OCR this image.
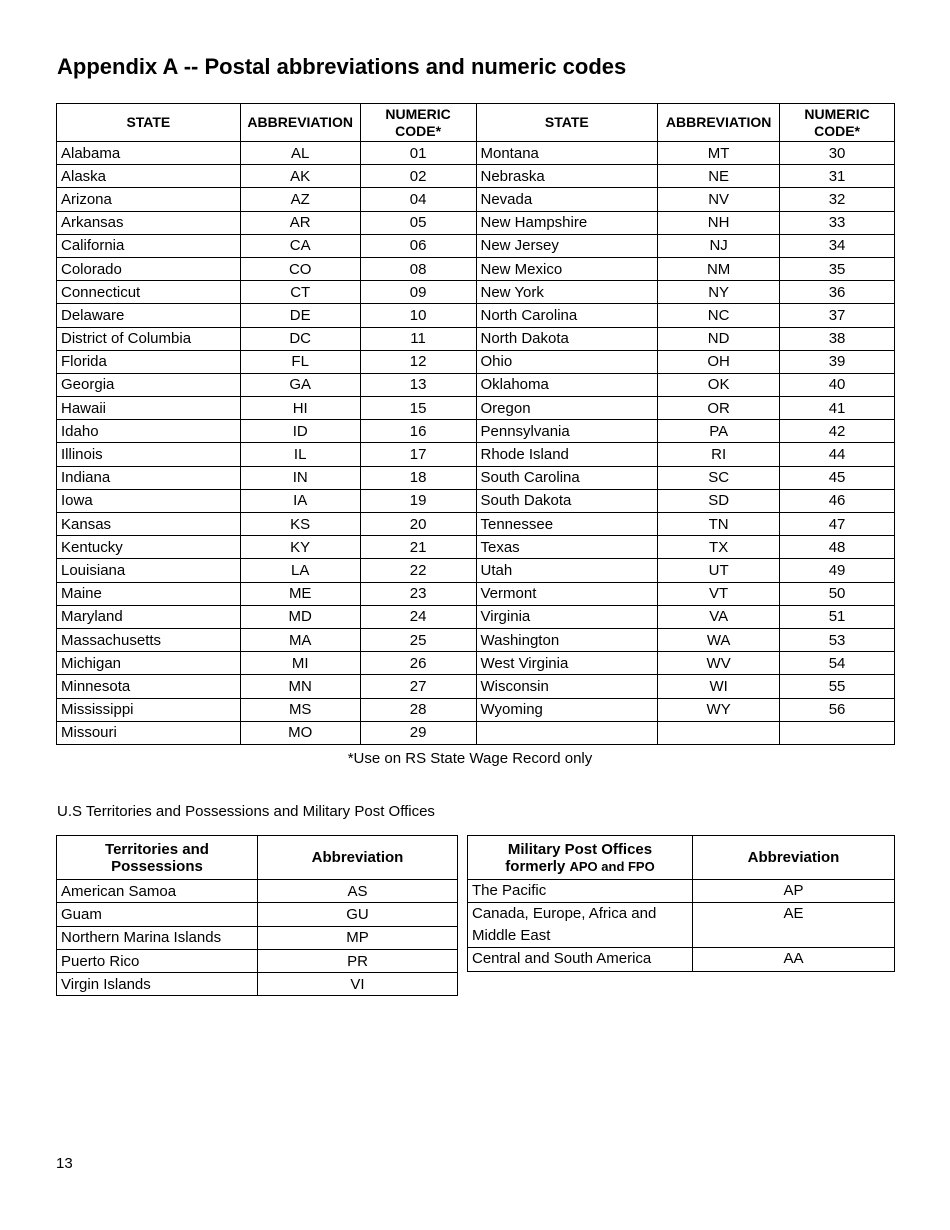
Appendix A -- Postal abbreviations and numeric codes
STATE	ABBREVIATION	NUMERIC CODE*	STATE	ABBREVIATION	NUMERIC CODE*
Alabama	AL	01	Montana	MT	30
Alaska	AK	02	Nebraska	NE	31
Arizona	AZ	04	Nevada	NV	32
Arkansas	AR	05	New Hampshire	NH	33
California	CA	06	New Jersey	NJ	34
Colorado	CO	08	New Mexico	NM	35
Connecticut	CT	09	New York	NY	36
Delaware	DE	10	North Carolina	NC	37
District of Columbia	DC	11	North Dakota	ND	38
Florida	FL	12	Ohio	OH	39
Georgia	GA	13	Oklahoma	OK	40
Hawaii	HI	15	Oregon	OR	41
Idaho	ID	16	Pennsylvania	PA	42
Illinois	IL	17	Rhode Island	RI	44
Indiana	IN	18	South Carolina	SC	45
Iowa	IA	19	South Dakota	SD	46
Kansas	KS	20	Tennessee	TN	47
Kentucky	KY	21	Texas	TX	48
Louisiana	LA	22	Utah	UT	49
Maine	ME	23	Vermont	VT	50
Maryland	MD	24	Virginia	VA	51
Massachusetts	MA	25	Washington	WA	53
Michigan	MI	26	West Virginia	WV	54
Minnesota	MN	27	Wisconsin	WI	55
Mississippi	MS	28	Wyoming	WY	56
Missouri	MO	29			
*Use on RS State Wage Record only
U.S Territories and Possessions and Military Post Offices
Territories and Possessions	Abbreviation
American Samoa	AS
Guam	GU
Northern Marina Islands	MP
Puerto Rico	PR
Virgin Islands	VI
Military Post Offices
formerly APO and FPO	Abbreviation
The Pacific	AP
Canada, Europe, Africa and Middle East	AE
Central and South America	AA
13
